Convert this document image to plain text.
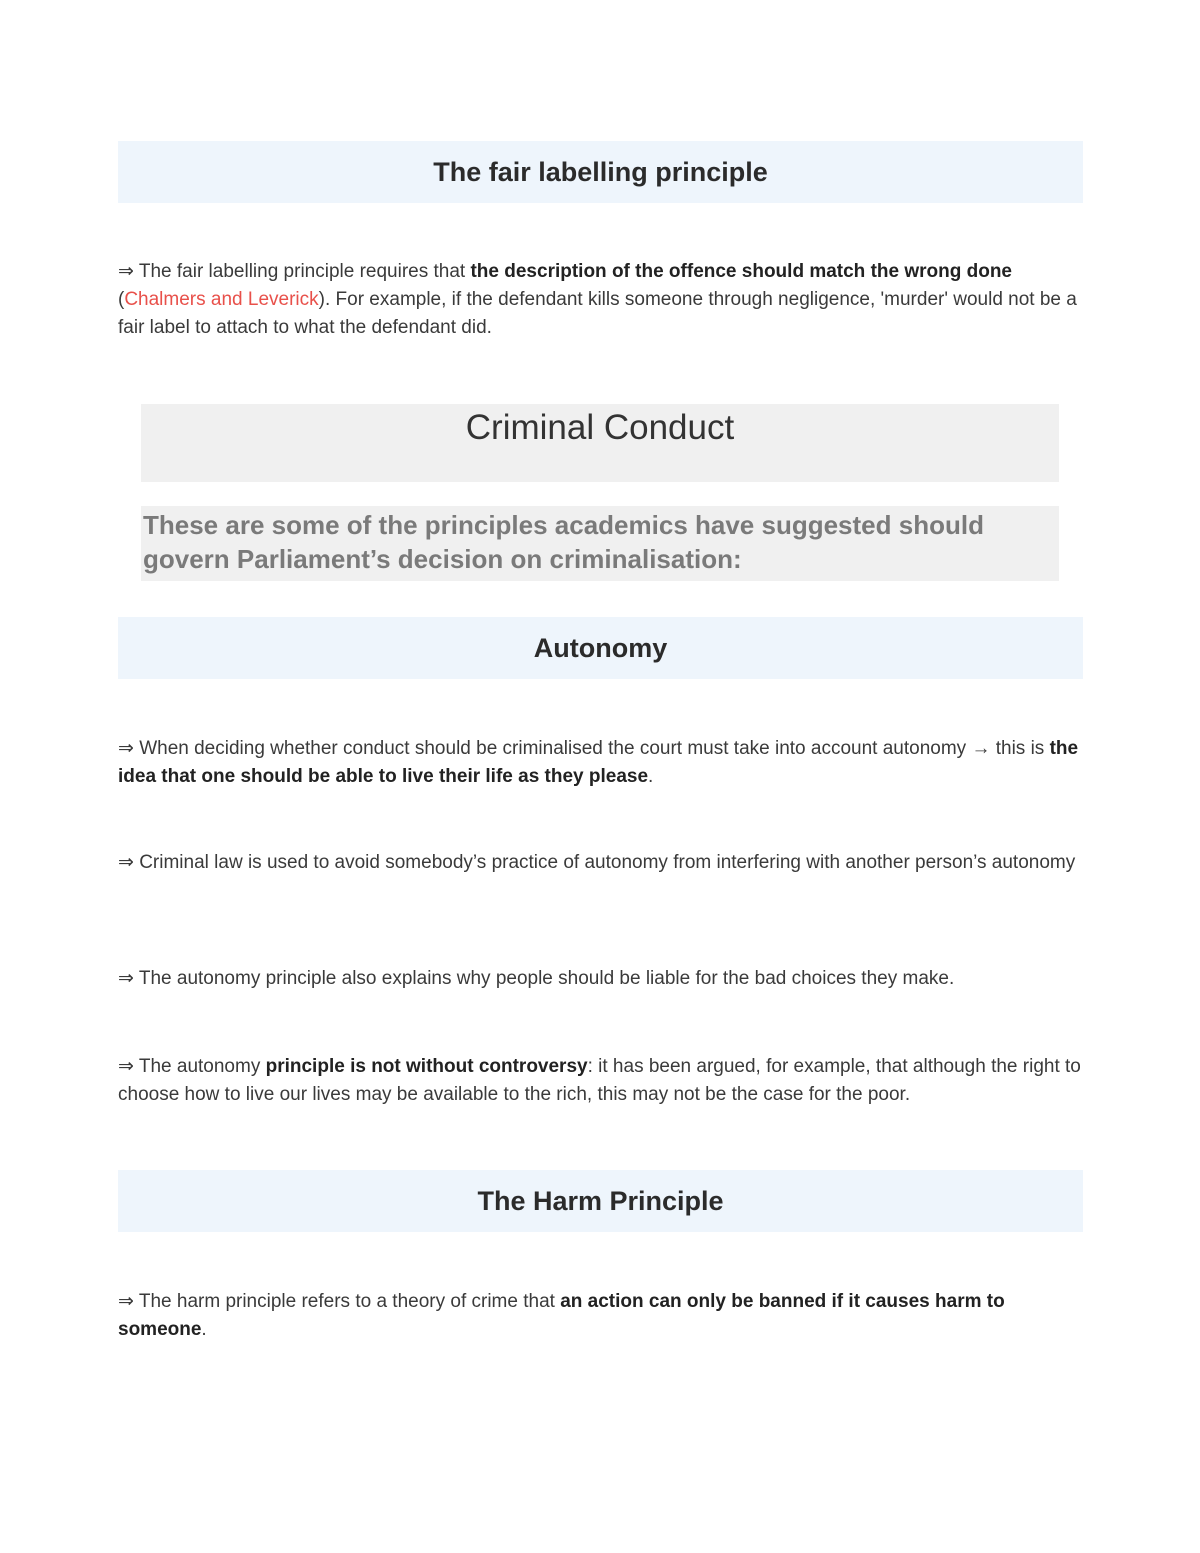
The fair labelling principle

⇒ The fair labelling principle requires that the description of the offence should match the wrong done (Chalmers and Leverick). For example, if the defendant kills someone through negligence, 'murder' would not be a fair label to attach to what the defendant did.

Criminal Conduct

These are some of the principles academics have suggested should govern Parliament’s decision on criminalisation:

Autonomy

⇒ When deciding whether conduct should be criminalised the court must take into account autonomy → this is the idea that one should be able to live their life as they please.

⇒ Criminal law is used to avoid somebody’s practice of autonomy from interfering with another person’s autonomy

⇒ The autonomy principle also explains why people should be liable for the bad choices they make.

⇒ The autonomy principle is not without controversy: it has been argued, for example, that although the right to choose how to live our lives may be available to the rich, this may not be the case for the poor.

The Harm Principle

⇒ The harm principle refers to a theory of crime that an action can only be banned if it causes harm to someone.
